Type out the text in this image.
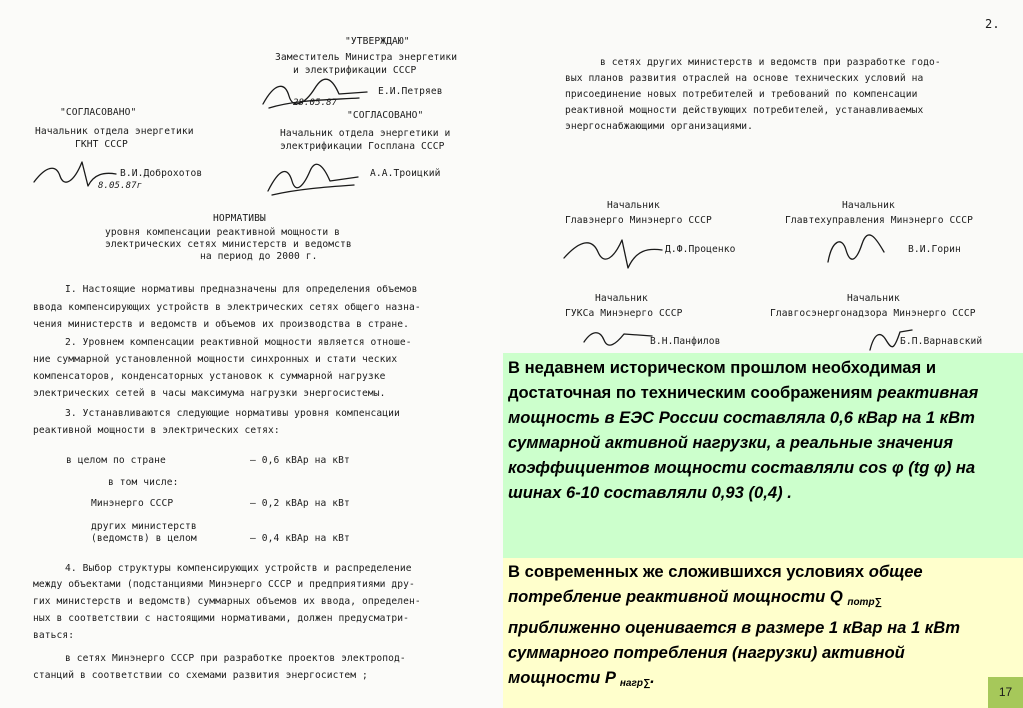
"УТВЕРЖДАЮ"
Заместитель Министра энергетики
и электрификации СССР
Е.И.Петряев
28.05.87
"СОГЛАСОВАНО"	"СОГЛАСОВАНО"
Начальник отдела энергетики
ГКНТ СССР
Начальник отдела энергетики и
электрификации Госплана СССР
В.И.Доброхотов
8.05.87г
А.А.Троицкий
НОРМАТИВЫ
уровня компенсации реактивной мощности в
электрических сетях министерств и ведомств
на период до 2000 г.
I. Настоящие нормативы предназначены для определения объемов
ввода компенсирующих устройств в электрических сетях общего назна-
чения министерств и ведомств и объемов их производства в стране.
2. Уровнем компенсации реактивной мощности является отноше-
ние суммарной установленной мощности синхронных и стати ческих
компенсаторов, конденсаторных установок к суммарной нагрузке
электрических сетей в часы максимума нагрузки энергосистемы.
3. Устанавливаются следующие нормативы уровня компенсации
реактивной мощности в электрических сетях:
в целом по стране	– 0,6 кВАр на кВт
в том числе:
Минэнерго СССР	– 0,2 кВАр на кВт
других министерств
(ведомств) в целом	– 0,4 кВАр на кВт
4. Выбор структуры компенсирующих устройств и распределение
между объектами (подстанциями Минэнерго СССР и предприятиями дру-
гих министерств и ведомств) суммарных объемов их ввода, определен-
ных в соответствии с настоящими нормативами, должен предусматри-
ваться:
в сетях Минэнерго СССР при разработке проектов электропод-
станций в соответствии со схемами развития энергосистем ;
2.
в сетях других министерств и ведомств при разработке годо-
вых планов развития отраслей на основе технических условий на
присоединение новых потребителей и требований по компенсации
реактивной мощности действующих потребителей, устанавливаемых
энергоснабжающими организациями.
Начальник
Главэнерго Минэнерго СССР
Д.Ф.Проценко
Начальник
Главтехуправления Минэнерго СССР
В.И.Горин
Начальник
ГУКСа Минэнерго СССР
В.Н.Панфилов
Начальник
Главгосэнергонадзора Минэнерго СССР
Б.П.Варнавский
В недавнем историческом прошлом необходимая и достаточная по техническим соображениям реактивная мощность в ЕЭС России составляла 0,6 кВар на 1 кВт суммарной активной нагрузки, а реальные значения коэффициентов мощности составляли cos φ (tg φ) на шинах 6-10 составляли 0,93 (0,4) .
В современных же сложившихся условиях общее потребление реактивной мощности Q $_{потр\sum}$ приближенно оценивается в размере 1 кВар на 1 кВт суммарного потребления (нагрузки) активной мощности P $_{нагр\sum}$.
17
